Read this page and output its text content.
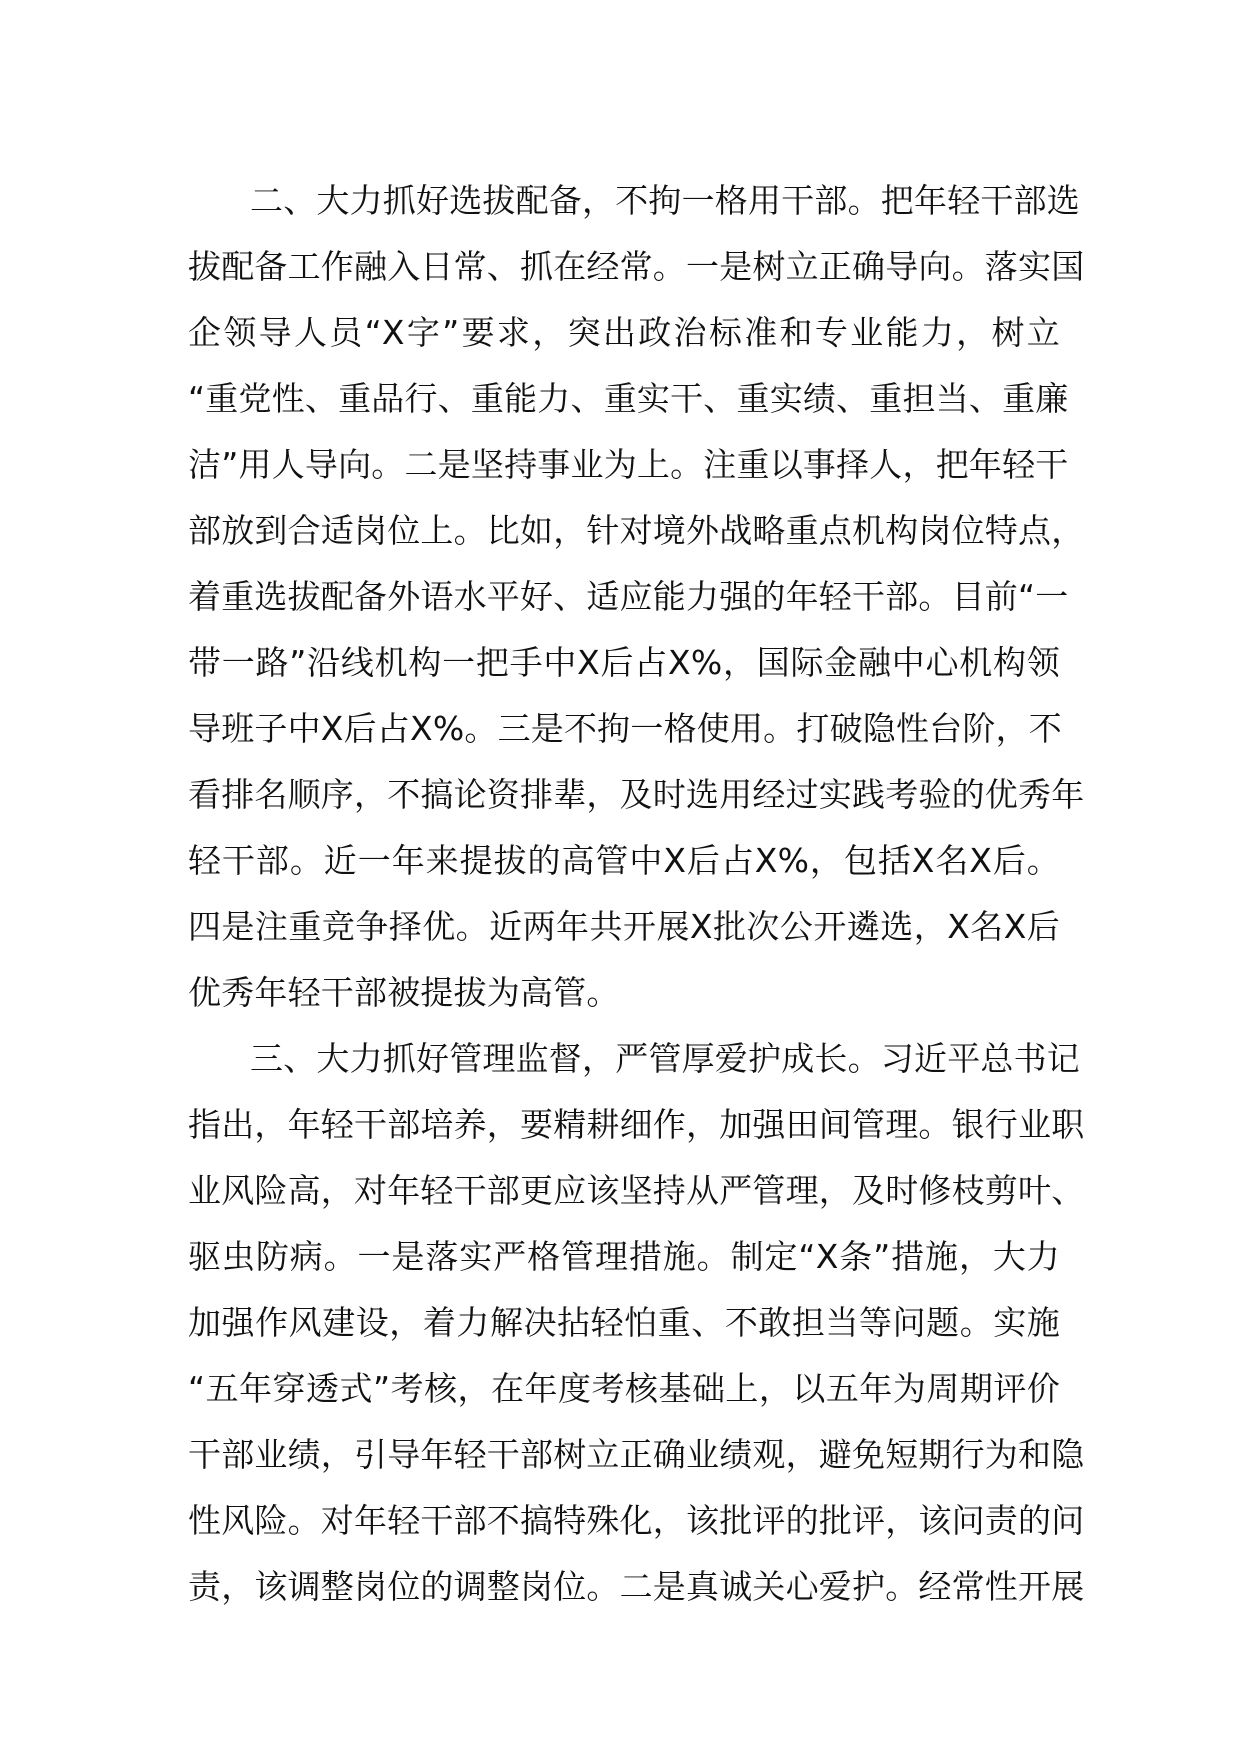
二、大力抓好选拔配备，不拘一格用干部。把年轻干部选
拔配备工作融入日常、抓在经常。一是树立正确导向。落实国
企领导人员“X字”要求，突出政治标准和专业能力，树立
“重党性、重品行、重能力、重实干、重实绩、重担当、重廉
洁”用人导向。二是坚持事业为上。注重以事择人，把年轻干
部放到合适岗位上。比如，针对境外战略重点机构岗位特点，
着重选拔配备外语水平好、适应能力强的年轻干部。目前“一
带一路”沿线机构一把手中X后占X%，国际金融中心机构领
导班子中X后占X%。三是不拘一格使用。打破隐性台阶，不
看排名顺序，不搞论资排辈，及时选用经过实践考验的优秀年
轻干部。近一年来提拔的高管中X后占X%，包括X名X后。
四是注重竞争择优。近两年共开展X批次公开遴选，X名X后
优秀年轻干部被提拔为高管。
三、大力抓好管理监督，严管厚爱护成长。习近平总书记
指出，年轻干部培养，要精耕细作，加强田间管理。银行业职
业风险高，对年轻干部更应该坚持从严管理，及时修枝剪叶、
驱虫防病。一是落实严格管理措施。制定“X条”措施，大力
加强作风建设，着力解决拈轻怕重、不敢担当等问题。实施
“五年穿透式”考核，在年度考核基础上，以五年为周期评价
干部业绩，引导年轻干部树立正确业绩观，避免短期行为和隐
性风险。对年轻干部不搞特殊化，该批评的批评，该问责的问
责，该调整岗位的调整岗位。二是真诚关心爱护。经常性开展
